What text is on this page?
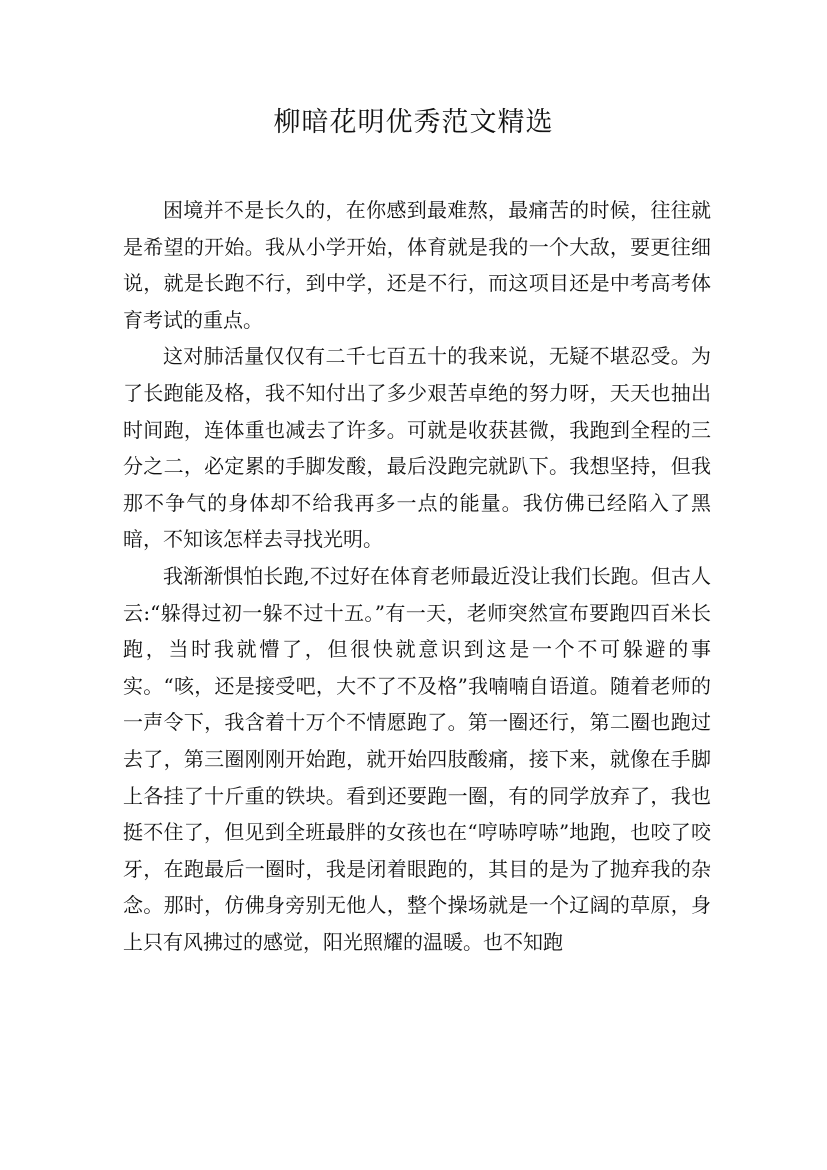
柳暗花明优秀范文精选

困境并不是长久的，在你感到最难熬，最痛苦的时候，往往就是希望的开始。我从小学开始，体育就是我的一个大敌，要更往细说，就是长跑不行，到中学，还是不行，而这项目还是中考高考体育考试的重点。

这对肺活量仅仅有二千七百五十的我来说，无疑不堪忍受。为了长跑能及格，我不知付出了多少艰苦卓绝的努力呀，天天也抽出时间跑，连体重也减去了许多。可就是收获甚微，我跑到全程的三分之二，必定累的手脚发酸，最后没跑完就趴下。我想坚持，但我那不争气的身体却不给我再多一点的能量。我仿佛已经陷入了黑暗，不知该怎样去寻找光明。

我渐渐惧怕长跑,不过好在体育老师最近没让我们长跑。但古人云:“躲得过初一躲不过十五。”有一天，老师突然宣布要跑四百米长跑，当时我就懵了，但很快就意识到这是一个不可躲避的事实。“咳，还是接受吧，大不了不及格”我喃喃自语道。随着老师的一声令下，我含着十万个不情愿跑了。第一圈还行，第二圈也跑过去了，第三圈刚刚开始跑，就开始四肢酸痛，接下来，就像在手脚上各挂了十斤重的铁块。看到还要跑一圈，有的同学放弃了，我也挺不住了，但见到全班最胖的女孩也在“哼哧哼哧”地跑，也咬了咬牙，在跑最后一圈时，我是闭着眼跑的，其目的是为了抛弃我的杂念。那时，仿佛身旁别无他人，整个操场就是一个辽阔的草原，身上只有风拂过的感觉，阳光照耀的温暖。也不知跑
